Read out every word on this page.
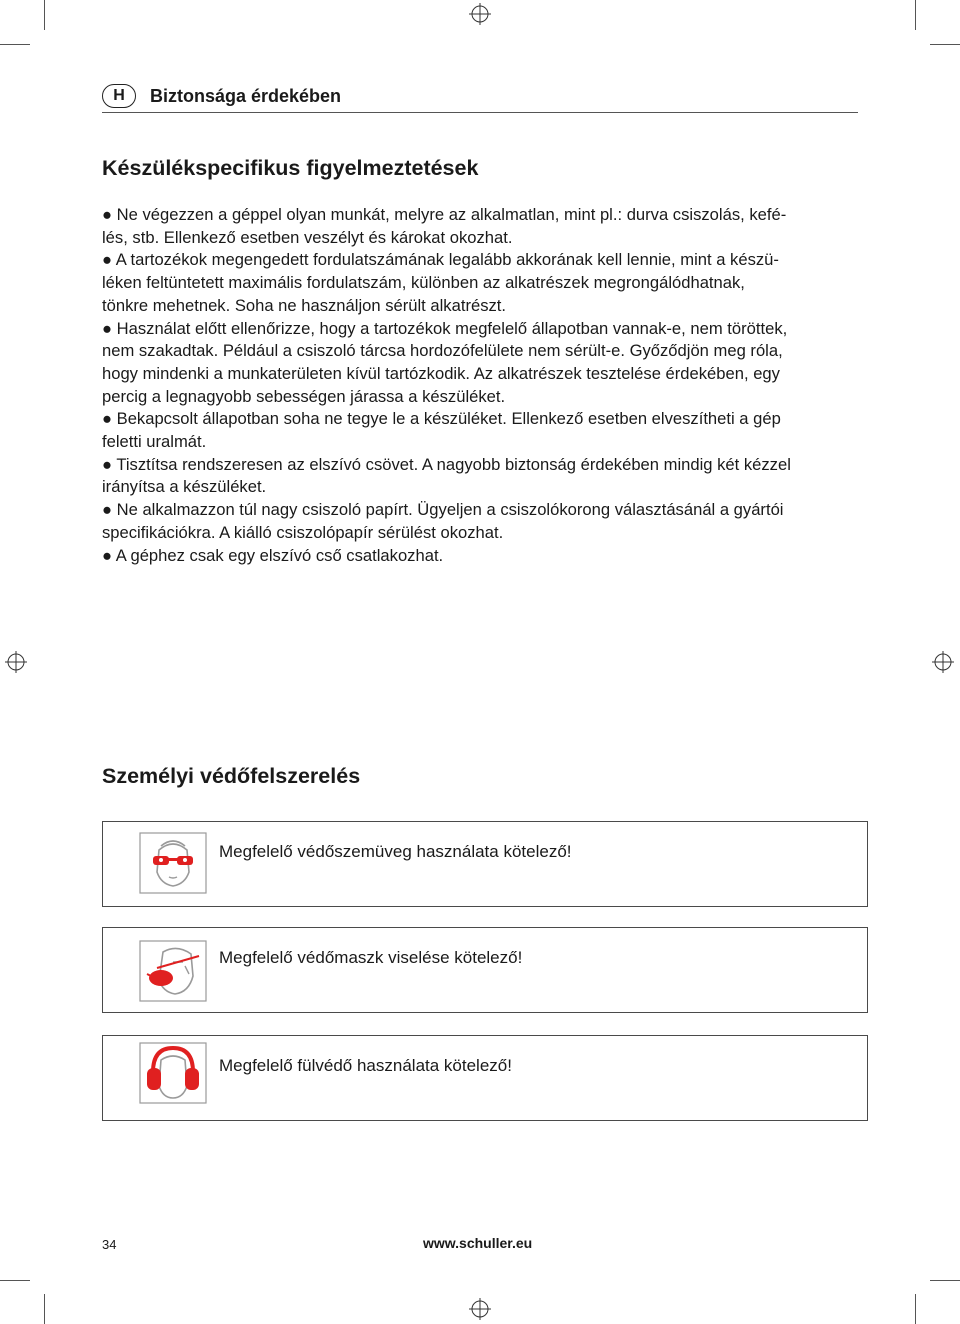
H	Biztonsága érdekében
Készülékspecifikus figyelmeztetések

● Ne végezzen a géppel olyan munkát, melyre az alkalmatlan, mint pl.: durva csiszolás, kefé-

lés, stb. Ellenkező esetben veszélyt és károkat okozhat.

● A tartozékok megengedett fordulatszámának legalább akkorának kell lennie, mint a készü-

léken feltüntetett maximális fordulatszám, különben az alkatrészek megrongálódhatnak,

tönkre mehetnek. Soha ne használjon sérült alkatrészt.

● Használat előtt ellenőrizze, hogy a tartozékok megfelelő állapotban vannak-e, nem töröttek,

nem szakadtak. Például a csiszoló tárcsa hordozófelülete nem sérült-e. Győződjön meg róla,

hogy mindenki a munkaterületen kívül tartózkodik. Az alkatrészek tesztelése érdekében, egy

percig a legnagyobb sebességen járassa a készüléket.

● Bekapcsolt állapotban soha ne tegye le a készüléket. Ellenkező esetben elveszítheti a gép

feletti uralmát.

● Tisztítsa rendszeresen az elszívó csövet. A nagyobb biztonság érdekében mindig két kézzel

irányítsa a készüléket.

● Ne alkalmazzon túl nagy csiszoló papírt. Ügyeljen a csiszolókorong választásánál a gyártói

specifikációkra. A kiálló csiszolópapír sérülést okozhat.

● A géphez csak egy elszívó cső csatlakozhat.

Személyi védőfelszerelés
Megfelelő védőszemüveg használata kötelező!
Megfelelő védőmaszk viselése kötelező!
Megfelelő fülvédő használata kötelező!
34	www.schuller.eu
